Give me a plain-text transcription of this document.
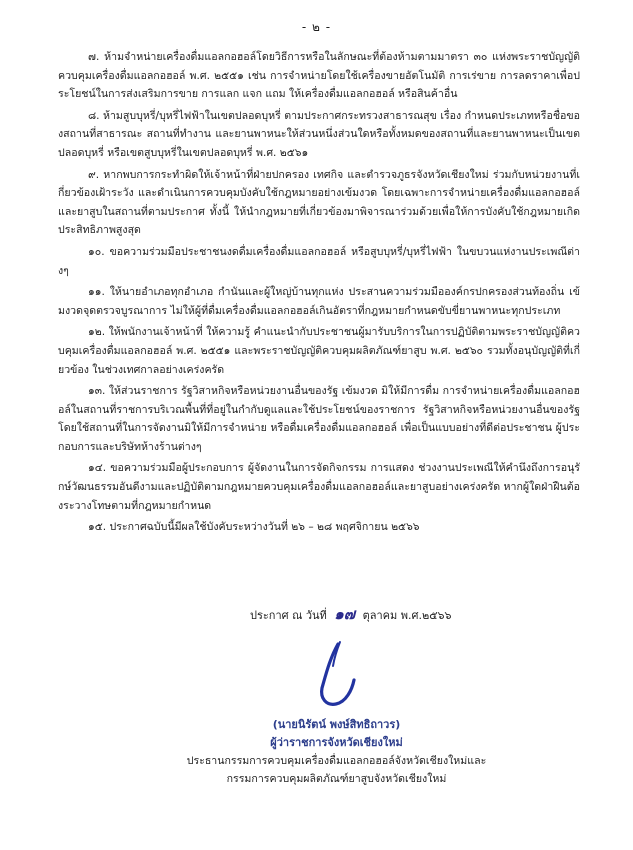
- ๒ -

๗. ห้ามจำหน่ายเครื่องดื่มแอลกอฮอล์โดยวิธีการหรือในลักษณะที่ต้องห้ามตามมาตรา ๓๐ แห่งพระราชบัญญัติควบคุมเครื่องดื่มแอลกอฮอล์ พ.ศ. ๒๕๕๑ เช่น การจำหน่ายโดยใช้เครื่องขายอัตโนมัติ การเร่ขาย การลดราคาเพื่อประโยชน์ในการส่งเสริมการขาย การแลก แจก แถม ให้เครื่องดื่มแอลกอฮอล์ หรือสินค้าอื่น

๘. ห้ามสูบบุหรี่/บุหรี่ไฟฟ้าในเขตปลอดบุหรี่ ตามประกาศกระทรวงสาธารณสุข เรื่อง กำหนดประเภทหรือชื่อของสถานที่สาธารณะ สถานที่ทำงาน และยานพาหนะให้ส่วนหนึ่งส่วนใดหรือทั้งหมดของสถานที่และยานพาหนะเป็นเขตปลอดบุหรี่ หรือเขตสูบบุหรี่ในเขตปลอดบุหรี่ พ.ศ. ๒๕๖๑

๙. หากพบการกระทำผิดให้เจ้าหน้าที่ฝ่ายปกครอง เทศกิจ และตำรวจภูธรจังหวัดเชียงใหม่ ร่วมกับหน่วยงานที่เกี่ยวข้องเฝ้าระวัง และดำเนินการควบคุมบังคับใช้กฎหมายอย่างเข้มงวด โดยเฉพาะการจำหน่ายเครื่องดื่มแอลกอฮอล์และยาสูบในสถานที่ตามประกาศ ทั้งนี้ ให้นำกฎหมายที่เกี่ยวข้องมาพิจารณาร่วมด้วยเพื่อให้การบังคับใช้กฎหมายเกิดประสิทธิภาพสูงสุด

๑๐. ขอความร่วมมือประชาชนงดดื่มเครื่องดื่มแอลกอฮอล์ หรือสูบบุหรี่/บุหรี่ไฟฟ้า ในขบวนแห่งานประเพณีต่างๆ

๑๑. ให้นายอำเภอทุกอำเภอ กำนันและผู้ใหญ่บ้านทุกแห่ง ประสานความร่วมมือองค์กรปกครองส่วนท้องถิ่น เข้มงวดจุดตรวจบูรณาการ ไม่ให้ผู้ที่ดื่มเครื่องดื่มแอลกอฮอล์เกินอัตราที่กฎหมายกำหนดขับขี่ยานพาหนะทุกประเภท

๑๒. ให้พนักงานเจ้าหน้าที่ ให้ความรู้ คำแนะนำกับประชาชนผู้มารับบริการในการปฏิบัติตามพระราชบัญญัติควบคุมเครื่องดื่มแอลกอฮอล์ พ.ศ. ๒๕๕๑ และพระราชบัญญัติควบคุมผลิตภัณฑ์ยาสูบ พ.ศ. ๒๕๖๐ รวมทั้งอนุบัญญัติที่เกี่ยวข้อง ในช่วงเทศกาลอย่างเคร่งครัด

๑๓. ให้ส่วนราชการ รัฐวิสาหกิจหรือหน่วยงานอื่นของรัฐ เข้มงวด มิให้มีการดื่ม การจำหน่ายเครื่องดื่มแอลกอฮอล์ในสถานที่ราชการบริเวณพื้นที่ที่อยู่ในกำกับดูแลและใช้ประโยชน์ของราชการ รัฐวิสาหกิจหรือหน่วยงานอื่นของรัฐ โดยใช้สถานที่ในการจัดงานมิให้มีการจำหน่าย หรือดื่มเครื่องดื่มแอลกอฮอล์ เพื่อเป็นแบบอย่างที่ดีต่อประชาชน ผู้ประกอบการและบริษัทห้างร้านต่างๆ

๑๔. ขอความร่วมมือผู้ประกอบการ ผู้จัดงานในการจัดกิจกรรม การแสดง ช่วงงานประเพณีให้คำนึงถึงการอนุรักษ์วัฒนธรรมอันดีงามและปฏิบัติตามกฎหมายควบคุมเครื่องดื่มแอลกอฮอล์และยาสูบอย่างเคร่งครัด หากผู้ใดฝ่าฝืนต้องระวางโทษตามที่กฎหมายกำหนด

๑๕. ประกาศฉบับนี้มีผลใช้บังคับระหว่างวันที่ ๒๖ – ๒๘ พฤศจิกายน ๒๕๖๖

ประกาศ ณ วันที่ ๑๗ ตุลาคม พ.ศ.๒๕๖๖
(นายนิรัตน์ พงษ์สิทธิถาวร)
ผู้ว่าราชการจังหวัดเชียงใหม่
ประธานกรรมการควบคุมเครื่องดื่มแอลกอฮอล์จังหวัดเชียงใหม่และ
กรรมการควบคุมผลิตภัณฑ์ยาสูบจังหวัดเชียงใหม่
